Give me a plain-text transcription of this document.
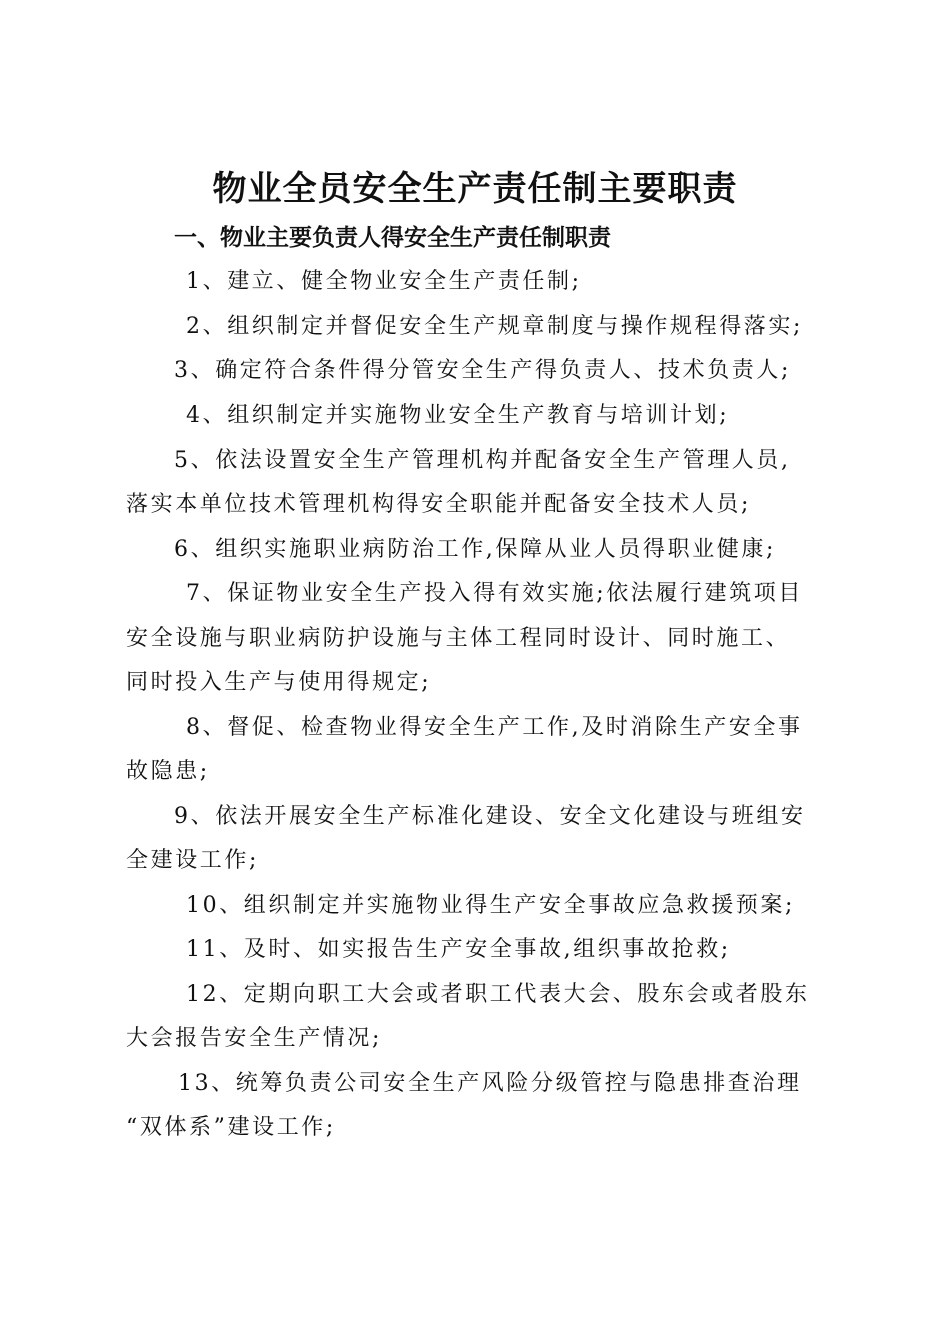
物业全员安全生产责任制主要职责
一、物业主要负责人得安全生产责任制职责

1、建立、健全物业安全生产责任制;

2、组织制定并督促安全生产规章制度与操作规程得落实;

3、确定符合条件得分管安全生产得负责人、技术负责人;

4、组织制定并实施物业安全生产教育与培训计划;

5、依法设置安全生产管理机构并配备安全生产管理人员,

落实本单位技术管理机构得安全职能并配备安全技术人员;

6、组织实施职业病防治工作,保障从业人员得职业健康;

7、保证物业安全生产投入得有效实施;依法履行建筑项目

安全设施与职业病防护设施与主体工程同时设计、同时施工、

同时投入生产与使用得规定;

8、督促、检查物业得安全生产工作,及时消除生产安全事

故隐患;

9、依法开展安全生产标准化建设、安全文化建设与班组安

全建设工作;

10、组织制定并实施物业得生产安全事故应急救援预案;

11、及时、如实报告生产安全事故,组织事故抢救;

12、定期向职工大会或者职工代表大会、股东会或者股东

大会报告安全生产情况;

13、统筹负责公司安全生产风险分级管控与隐患排查治理

“双体系”建设工作;
